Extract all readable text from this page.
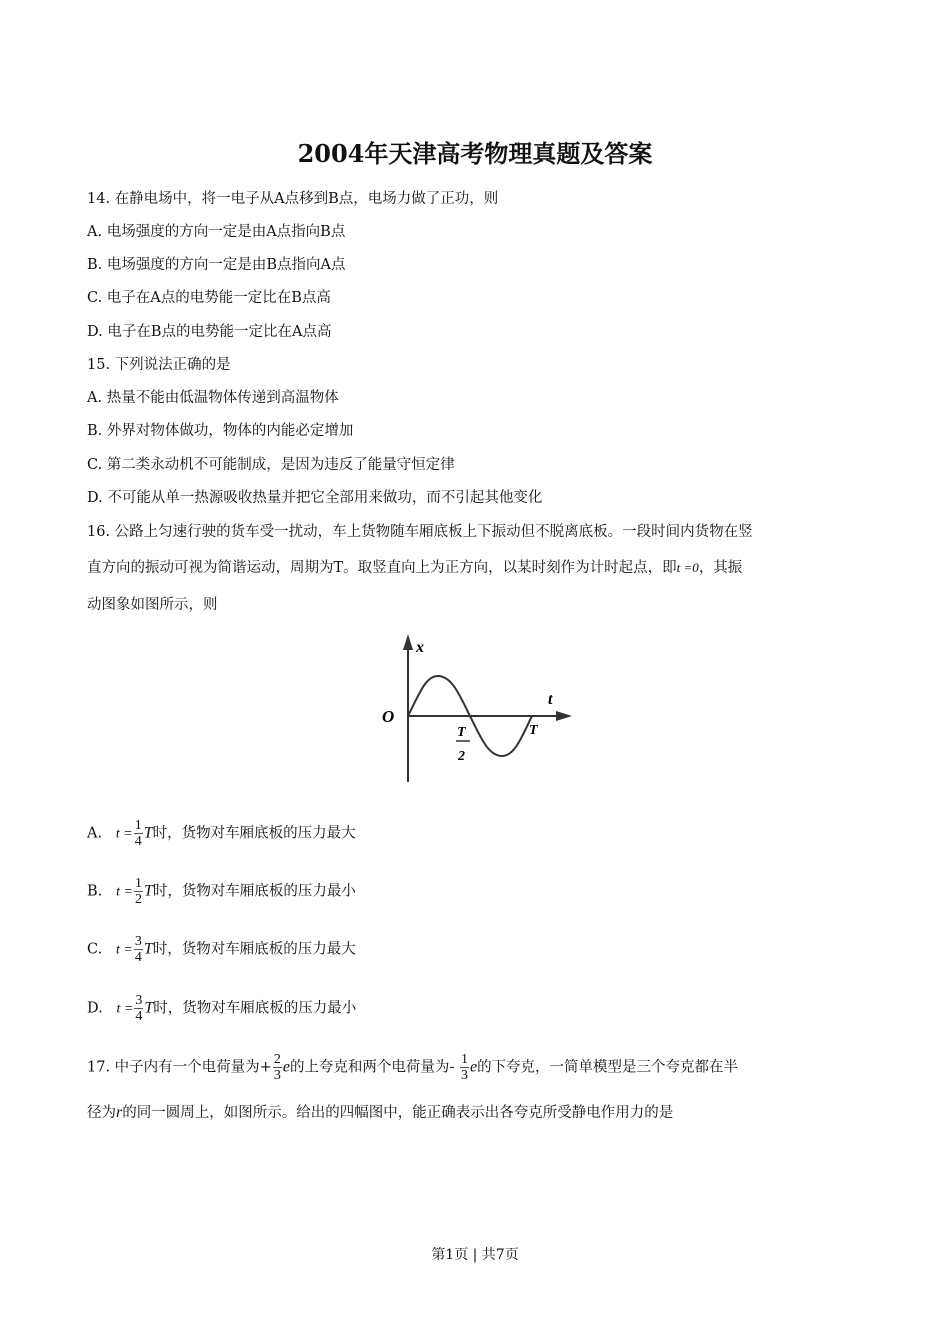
2004年天津高考物理真题及答案
14. 在静电场中，将一电子从A点移到B点，电场力做了正功，则
A. 电场强度的方向一定是由A点指向B点
B. 电场强度的方向一定是由B点指向A点
C. 电子在A点的电势能一定比在B点高
D. 电子在B点的电势能一定比在A点高
15. 下列说法正确的是
A. 热量不能由低温物体传递到高温物体
B. 外界对物体做功，物体的内能必定增加
C. 第二类永动机不可能制成，是因为违反了能量守恒定律
D. 不可能从单一热源吸收热量并把它全部用来做功，而不引起其他变化
16. 公路上匀速行驶的货车受一扰动，车上货物随车厢底板上下振动但不脱离底板。一段时间内货物在竖
直方向的振动可视为简谐运动，周期为T。取竖直向上为正方向，以某时刻作为计时起点，即t =0，其振
动图象如图所示，则
x
t
O
T
2
T
A. $t = \frac{1}{4}$ T时，货物对车厢底板的压力最大
B. $t = \frac{1}{2}$ T时，货物对车厢底板的压力最小
C. $t = \frac{3}{4}$ T时，货物对车厢底板的压力最大
D. $t = \frac{3}{4}$ T时，货物对车厢底板的压力最小
17. 中子内有一个电荷量为+ $\frac{2}{3}$ e的上夸克和两个电荷量为- $\frac{1}{3}$ e的下夸克，一简单模型是三个夸克都在半
径为r的同一圆周上，如图所示。给出的四幅图中，能正确表示出各夸克所受静电作用力的是
第1页 | 共7页
